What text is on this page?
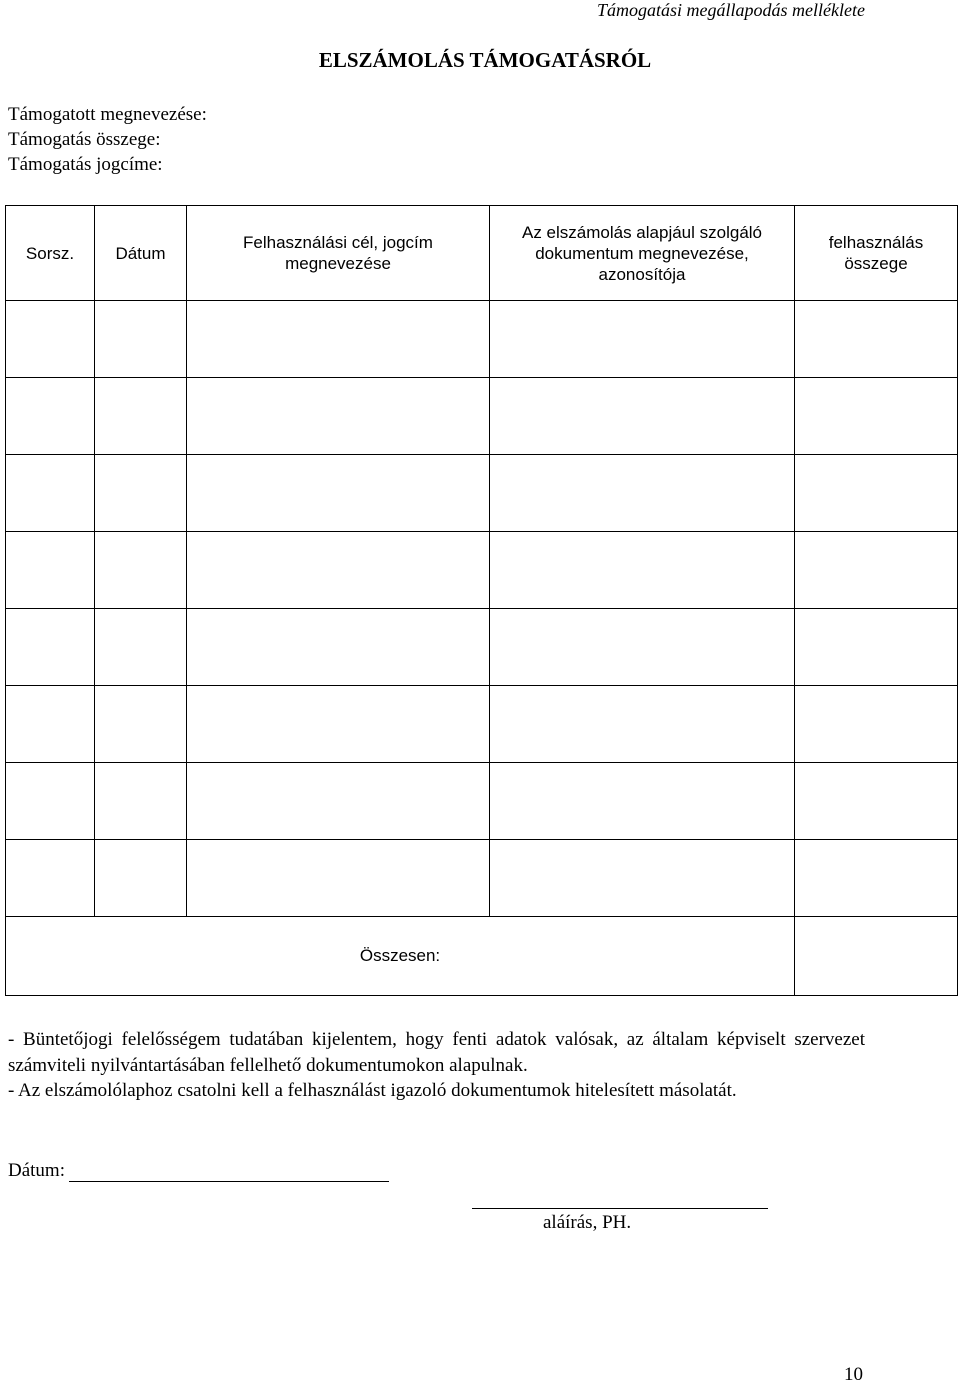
Támogatási megállapodás melléklete
ELSZÁMOLÁS TÁMOGATÁSRÓL
Támogatott megnevezése:
Támogatás összege:
Támogatás jogcíme:
Sorsz.	Dátum	Felhasználási cél, jogcím megnevezése	Az elszámolás alapjául szolgáló dokumentum megnevezése, azonosítója	felhasználás összege

Összesen:				

- Büntetőjogi felelősségem tudatában kijelentem, hogy fenti adatok valósak, az általam képviselt szervezet számviteli nyilvántartásában fellelhető dokumentumokon alapulnak.

- Az elszámolólaphoz csatolni kell a felhasználást igazoló dokumentumok hitelesített másolatát.

Dátum:
aláírás, PH.
10
